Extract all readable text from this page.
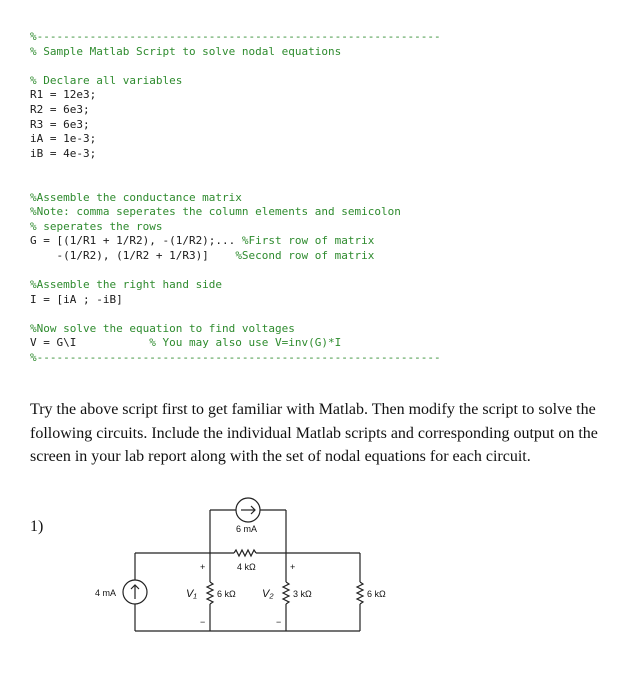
%-------------------------------------------------------------
% Sample Matlab Script to solve nodal equations
% Declare all variables
R1 = 12e3;
R2 = 6e3;
R3 = 6e3;
iA = 1e-3;
iB = 4e-3;
%Assemble the conductance matrix
%Note: comma seperates the column elements and semicolon
% seperates the rows
G = [(1/R1 + 1/R2), -(1/R2);... %First row of matrix
-(1/R2), (1/R2 + 1/R3)]    %Second row of matrix
%Assemble the right hand side
I = [iA ; -iB]
%Now solve the equation to find voltages
V = G\I           % You may also use V=inv(G)*I
%-------------------------------------------------------------
Try the above script first to get familiar with Matlab. Then modify the script to solve the following circuits. Include the individual Matlab scripts and corresponding output on the screen in your lab report along with the set of nodal equations for each circuit.
1)	6 mA
4 kΩ
4 mA	6 kΩ	3 kΩ	6 kΩ
+	+
−	−
V₁	V₂
